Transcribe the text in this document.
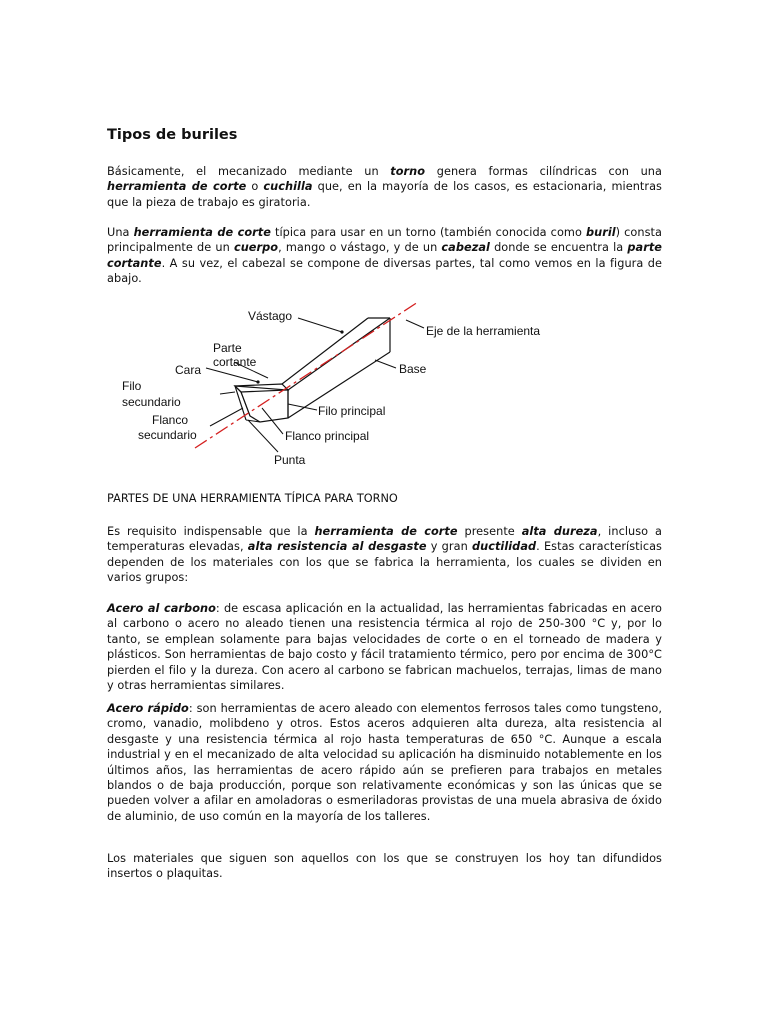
Tipos de buriles

Básicamente, el mecanizado mediante un torno genera formas cilíndricas con una herramienta de corte o cuchilla que, en la mayoría de los casos, es estacionaria, mientras que la pieza de trabajo es giratoria.

Una herramienta de corte típica para usar en un torno (también conocida como buril) consta principalmente de un cuerpo, mango o vástago, y de un cabezal donde se encuentra la parte cortante. A su vez, el cabezal se compone de diversas partes, tal como vemos en la figura de abajo.

Vástago
Eje de la herramienta
Parte
cortante
Cara	Base
Filo
secundario
Filo principal
Flanco
secundario	Flanco principal
Punta
PARTES DE UNA HERRAMIENTA TÍPICA PARA TORNO

Es requisito indispensable que la herramienta de corte presente alta dureza, incluso a temperaturas elevadas, alta resistencia al desgaste y gran ductilidad. Estas características dependen de los materiales con los que se fabrica la herramienta, los cuales se dividen en varios grupos:

Acero al carbono: de escasa aplicación en la actualidad, las herramientas fabricadas en acero al carbono o acero no aleado tienen una resistencia térmica al rojo de 250-300 °C y, por lo tanto, se emplean solamente para bajas velocidades de corte o en el torneado de madera y plásticos. Son herramientas de bajo costo y fácil tratamiento térmico, pero por encima de 300°C pierden el filo y la dureza. Con acero al carbono se fabrican machuelos, terrajas, limas de mano y otras herramientas similares.

Acero rápido: son herramientas de acero aleado con elementos ferrosos tales como tungsteno, cromo, vanadio, molibdeno y otros. Estos aceros adquieren alta dureza, alta resistencia al desgaste y una resistencia térmica al rojo hasta temperaturas de 650 °C. Aunque a escala industrial y en el mecanizado de alta velocidad su aplicación ha disminuido notablemente en los últimos años, las herramientas de acero rápido aún se prefieren para trabajos en metales blandos o de baja producción, porque son relativamente económicas y son las únicas que se pueden volver a afilar en amoladoras o esmeriladoras provistas de una muela abrasiva de óxido de aluminio, de uso común en la mayoría de los talleres.

Los materiales que siguen son aquellos con los que se construyen los hoy tan difundidos insertos o plaquitas.
